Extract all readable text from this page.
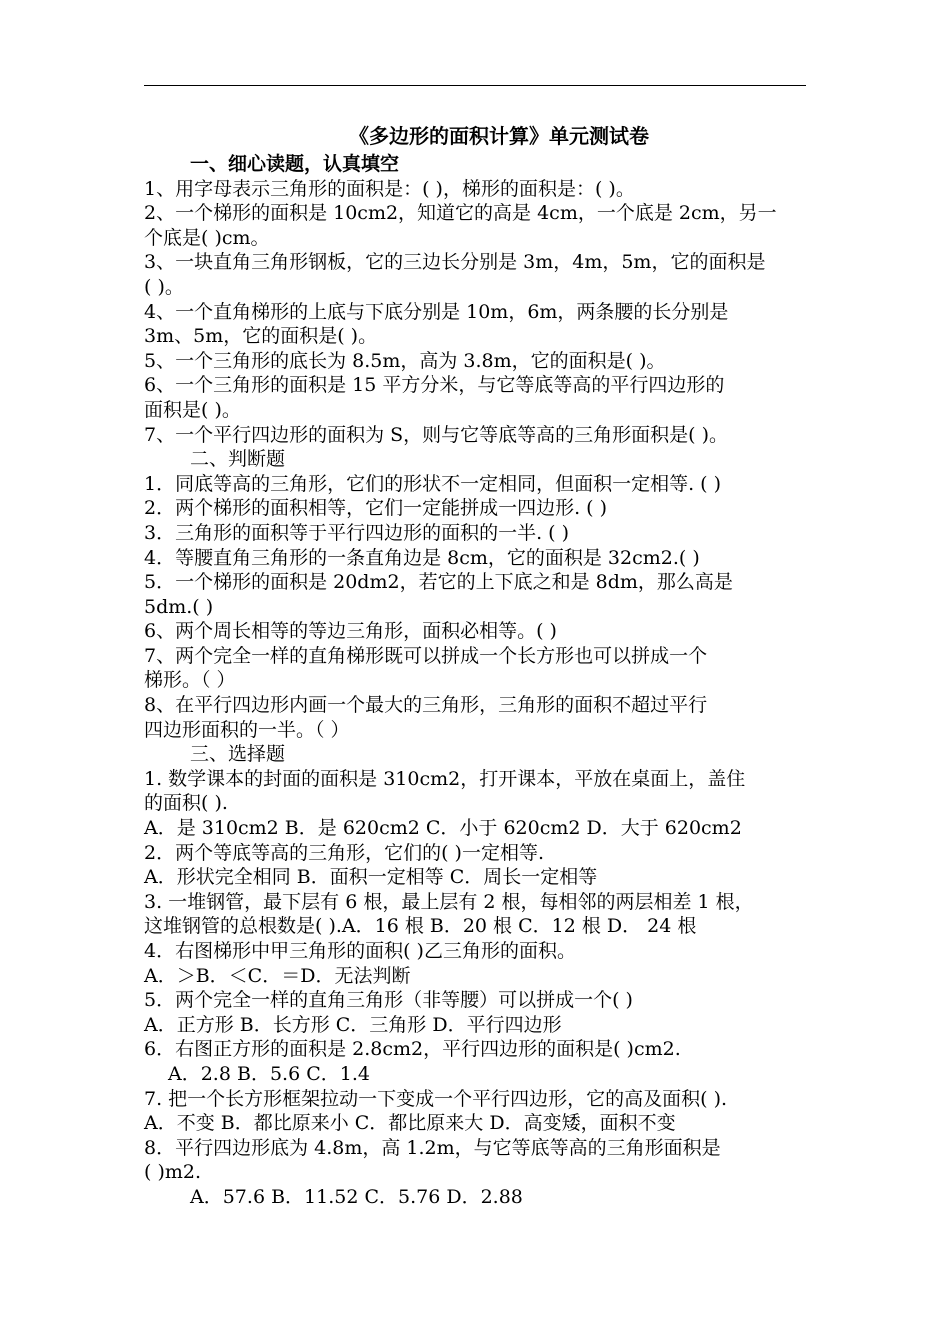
《多边形的面积计算》单元测试卷
一、细心读题，认真填空
1、用字母表示三角形的面积是：( )，梯形的面积是：( )。
2、一个梯形的面积是 10cm2，知道它的高是 4cm，一个底是 2cm，另一
个底是( )cm。
3、一块直角三角形钢板，它的三边长分别是 3m，4m，5m，它的面积是
( )。
4、一个直角梯形的上底与下底分别是 10m，6m，两条腰的长分别是
3m、5m，它的面积是( )。
5、一个三角形的底长为 8.5m，高为 3.8m，它的面积是( )。
6、一个三角形的面积是 15 平方分米，与它等底等高的平行四边形的
面积是( )。
7、一个平行四边形的面积为 S，则与它等底等高的三角形面积是( )。
二、判断题
1．同底等高的三角形，它们的形状不一定相同，但面积一定相等. ( )
2．两个梯形的面积相等，它们一定能拼成一四边形. ( )
3．三角形的面积等于平行四边形的面积的一半. ( )
4．等腰直角三角形的一条直角边是 8cm，它的面积是 32cm2.( )
5．一个梯形的面积是 20dm2，若它的上下底之和是 8dm，那么高是
5dm.( )
6、两个周长相等的等边三角形，面积必相等。( )
7、两个完全一样的直角梯形既可以拼成一个长方形也可以拼成一个
梯形。（ ）
8、在平行四边形内画一个最大的三角形，三角形的面积不超过平行
四边形面积的一半。（ ）
三、选择题
1. 数学课本的封面的面积是 310cm2，打开课本，平放在桌面上，盖住
的面积( ).
A．是 310cm2 B．是 620cm2 C．小于 620cm2 D．大于 620cm2
2．两个等底等高的三角形，它们的( )一定相等.
A．形状完全相同 B．面积一定相等 C．周长一定相等
3. 一堆钢管，最下层有 6 根，最上层有 2 根，每相邻的两层相差 1 根，
这堆钢管的总根数是( ).A．16 根 B．20 根 C．12 根 D． 24 根
4．右图梯形中甲三角形的面积( )乙三角形的面积。
A．＞B．＜C．＝D．无法判断
5．两个完全一样的直角三角形（非等腰）可以拼成一个( )
A．正方形 B．长方形 C．三角形 D．平行四边形
6．右图正方形的面积是 2.8cm2，平行四边形的面积是( )cm2.
A．2.8 B．5.6 C．1.4
7. 把一个长方形框架拉动一下变成一个平行四边形，它的高及面积( ).
A．不变 B．都比原来小 C．都比原来大 D．高变矮，面积不变
8．平行四边形底为 4.8m，高 1.2m，与它等底等高的三角形面积是
( )m2.
A．57.6 B．11.52 C．5.76 D．2.88
